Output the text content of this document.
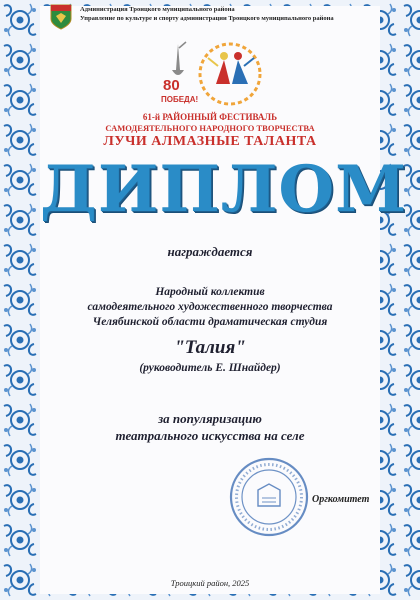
Администрация Троицкого муниципального района
Управление по культуре и спорту администрации Троицкого муниципального района
80
ПОБЕДА!
61-й РАЙОННЫЙ ФЕСТИВАЛЬ
САМОДЕЯТЕЛЬНОГО НАРОДНОГО ТВОРЧЕСТВА
ЛУЧИ АЛМАЗНЫЕ ТАЛАНТА
ДИПЛОМ
награждается
Народный коллектив
самодеятельного художественного творчества
Челябинской области драматическая студия
"Талия"
(руководитель Е. Шнайдер)
за популяризацию
театрального искусства на селе
Оргкомитет
Троицкий район, 2025
